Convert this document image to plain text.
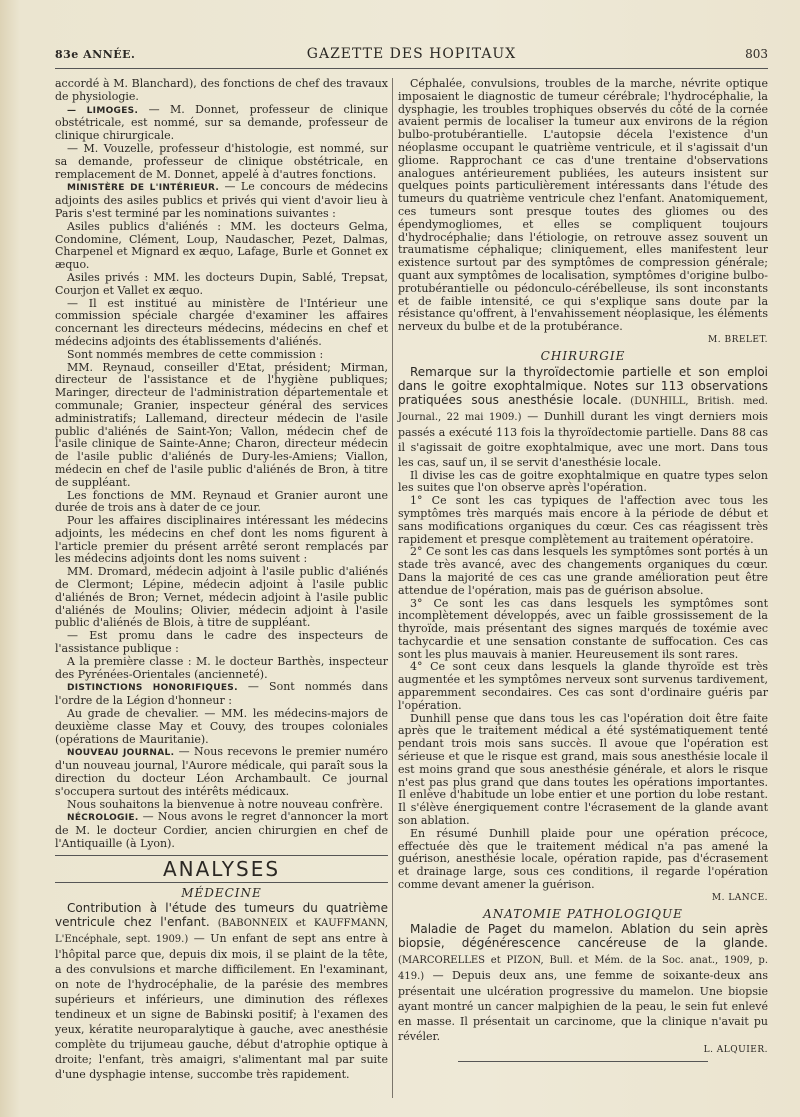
83e ANNÉE.	GAZETTE DES HOPITAUX	803

accordé à M. Blanchard), des fonctions de chef des travaux de physiologie.

— LIMOGES. — M. Donnet, professeur de clinique obstétricale, est nommé, sur sa demande, professeur de clinique chirurgicale.

— M. Vouzelle, professeur d'histologie, est nommé, sur sa demande, professeur de clinique obstétricale, en remplacement de M. Donnet, appelé à d'autres fonctions.

MINISTÈRE DE L'INTÉRIEUR. — Le concours de médecins adjoints des asiles publics et privés qui vient d'avoir lieu à Paris s'est terminé par les nominations suivantes :

Asiles publics d'aliénés : MM. les docteurs Gelma, Condomine, Clément, Loup, Naudascher, Pezet, Dalmas, Charpenel et Mignard ex æquo, Lafage, Burle et Gonnet ex æquo.

Asiles privés : MM. les docteurs Dupin, Sablé, Trepsat, Courjon et Vallet ex æquo.

— Il est institué au ministère de l'Intérieur une commission spéciale chargée d'examiner les affaires concernant les directeurs médecins, médecins en chef et médecins adjoints des établissements d'aliénés.

Sont nommés membres de cette commission :

MM. Reynaud, conseiller d'Etat, président; Mirman, directeur de l'assistance et de l'hygiène publiques; Maringer, directeur de l'administration départementale et communale; Granier, inspecteur général des services administratifs; Lallemand, directeur médecin de l'asile public d'aliénés de Saint-Yon; Vallon, médecin chef de l'asile clinique de Sainte-Anne; Charon, directeur médecin de l'asile public d'aliénés de Dury-les-Amiens; Viallon, médecin en chef de l'asile public d'aliénés de Bron, à titre de suppléant.

Les fonctions de MM. Reynaud et Granier auront une durée de trois ans à dater de ce jour.

Pour les affaires disciplinaires intéressant les médecins adjoints, les médecins en chef dont les noms figurent à l'article premier du présent arrêté seront remplacés par les médecins adjoints dont les noms suivent :

MM. Dromard, médecin adjoint à l'asile public d'aliénés de Clermont; Lépine, médecin adjoint à l'asile public d'aliénés de Bron; Vernet, médecin adjoint à l'asile public d'aliénés de Moulins; Olivier, médecin adjoint à l'asile public d'aliénés de Blois, à titre de suppléant.

— Est promu dans le cadre des inspecteurs de l'assistance publique :

A la première classe : M. le docteur Barthès, inspecteur des Pyrénées-Orientales (ancienneté).

DISTINCTIONS HONORIFIQUES. — Sont nommés dans l'ordre de la Légion d'honneur :

Au grade de chevalier. — MM. les médecins-majors de deuxième classe May et Couvy, des troupes coloniales (opérations de Mauritanie).

NOUVEAU JOURNAL. — Nous recevons le premier numéro d'un nouveau journal, l'Aurore médicale, qui paraît sous la direction du docteur Léon Archambault. Ce journal s'occupera surtout des intérêts médicaux.

Nous souhaitons la bienvenue à notre nouveau confrère.

NÉCROLOGIE. — Nous avons le regret d'annoncer la mort de M. le docteur Cordier, ancien chirurgien en chef de l'Antiquaille (à Lyon).

ANALYSES
MÉDECINE

Contribution à l'étude des tumeurs du quatrième ventricule chez l'enfant. (BABONNEIX et KAUFFMANN, L'Encéphale, sept. 1909.) — Un enfant de sept ans entre à l'hôpital parce que, depuis dix mois, il se plaint de la tête, a des convulsions et marche difficilement. En l'examinant, on note de l'hydrocéphalie, de la parésie des membres supérieurs et inférieurs, une diminution des réflexes tendineux et un signe de Babinski positif; à l'examen des yeux, kératite neuroparalytique à gauche, avec anesthésie complète du trijumeau gauche, début d'atrophie optique à droite; l'enfant, très amaigri, s'alimentant mal par suite d'une dysphagie intense, succombe très rapidement.

Céphalée, convulsions, troubles de la marche, névrite optique imposaient le diagnostic de tumeur cérébrale; l'hydrocéphalie, la dysphagie, les troubles trophiques observés du côté de la cornée avaient permis de localiser la tumeur aux environs de la région bulbo-protubérantielle. L'autopsie décela l'existence d'un néoplasme occupant le quatrième ventricule, et il s'agissait d'un gliome. Rapprochant ce cas d'une trentaine d'observations analogues antérieurement publiées, les auteurs insistent sur quelques points particulièrement intéressants dans l'étude des tumeurs du quatrième ventricule chez l'enfant. Anatomiquement, ces tumeurs sont presque toutes des gliomes ou des épendymogliomes, et elles se compliquent toujours d'hydrocéphalie; dans l'étiologie, on retrouve assez souvent un traumatisme céphalique; cliniquement, elles manifestent leur existence surtout par des symptômes de compression générale; quant aux symptômes de localisation, symptômes d'origine bulbo-protubérantielle ou pédonculo-cérébelleuse, ils sont inconstants et de faible intensité, ce qui s'explique sans doute par la résistance qu'offrent, à l'envahissement néoplasique, les éléments nerveux du bulbe et de la protubérance.

M. BRELET.
CHIRURGIE

Remarque sur la thyroïdectomie partielle et son emploi dans le goitre exophtalmique. Notes sur 113 observations pratiquées sous anesthésie locale. (DUNHILL, British. med. Journal., 22 mai 1909.) — Dunhill durant les vingt derniers mois passés a exécuté 113 fois la thyroïdectomie partielle. Dans 88 cas il s'agissait de goitre exophtalmique, avec une mort. Dans tous les cas, sauf un, il se servit d'anesthésie locale.

Il divise les cas de goitre exophtalmique en quatre types selon les suites que l'on observe après l'opération.

1° Ce sont les cas typiques de l'affection avec tous les symptômes très marqués mais encore à la période de début et sans modifications organiques du cœur. Ces cas réagissent très rapidement et presque complètement au traitement opératoire.

2° Ce sont les cas dans lesquels les symptômes sont portés à un stade très avancé, avec des changements organiques du cœur. Dans la majorité de ces cas une grande amélioration peut être attendue de l'opération, mais pas de guérison absolue.

3° Ce sont les cas dans lesquels les symptômes sont incomplètement développés, avec un faible grossissement de la thyroïde, mais présentant des signes marqués de toxémie avec tachycardie et une sensation constante de suffocation. Ces cas sont les plus mauvais à manier. Heureusement ils sont rares.

4° Ce sont ceux dans lesquels la glande thyroïde est très augmentée et les symptômes nerveux sont survenus tardivement, apparemment secondaires. Ces cas sont d'ordinaire guéris par l'opération.

Dunhill pense que dans tous les cas l'opération doit être faite après que le traitement médical a été systématiquement tenté pendant trois mois sans succès. Il avoue que l'opération est sérieuse et que le risque est grand, mais sous anesthésie locale il est moins grand que sous anesthésie générale, et alors le risque n'est pas plus grand que dans toutes les opérations importantes. Il enlève d'habitude un lobe entier et une portion du lobe restant. Il s'élève énergiquement contre l'écrasement de la glande avant son ablation.

En résumé Dunhill plaide pour une opération précoce, effectuée dès que le traitement médical n'a pas amené la guérison, anesthésie locale, opération rapide, pas d'écrasement et drainage large, sous ces conditions, il regarde l'opération comme devant amener la guérison.

M. LANCE.
ANATOMIE PATHOLOGIQUE

Maladie de Paget du mamelon. Ablation du sein après biopsie, dégénérescence cancéreuse de la glande. (MARCORELLES et PIZON, Bull. et Mém. de la Soc. anat., 1909, p. 419.) — Depuis deux ans, une femme de soixante-deux ans présentait une ulcération progressive du mamelon. Une biopsie ayant montré un cancer malpighien de la peau, le sein fut enlevé en masse. Il présentait un carcinome, que la clinique n'avait pu révéler.

L. ALQUIER.
